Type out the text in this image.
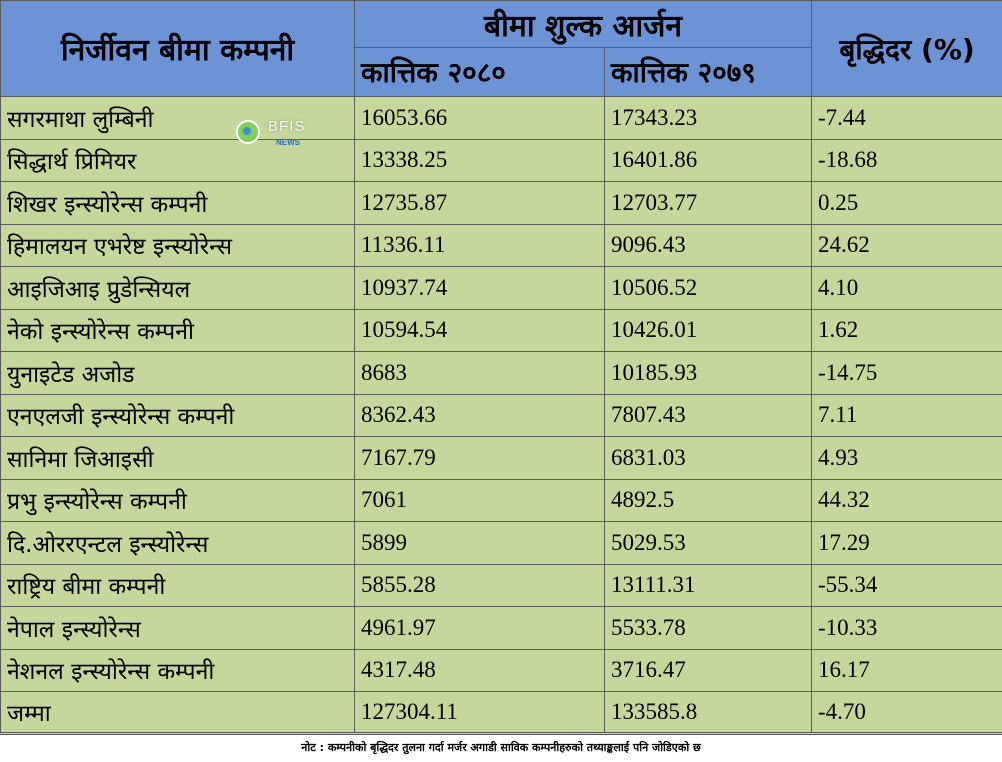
निर्जीवन बीमा कम्पनी	बीमा शुल्क आर्जन		बृद्धिदर (%)
	कात्तिक २०८०	कात्तिक २०७९	
सगरमाथा लुम्बिनी	16053.66	17343.23	-7.44
सिद्धार्थ प्रिमियर	13338.25	16401.86	-18.68
शिखर इन्स्योरेन्स कम्पनी	12735.87	12703.77	0.25
हिमालयन एभरेष्ट इन्स्योरेन्स	11336.11	9096.43	24.62
आइजिआइ प्रुडेन्सियल	10937.74	10506.52	4.10
नेको इन्स्योरेन्स कम्पनी	10594.54	10426.01	1.62
युनाइटेड अजोड	8683	10185.93	-14.75
एनएलजी इन्स्योरेन्स कम्पनी	8362.43	7807.43	7.11
सानिमा जिआइसी	7167.79	6831.03	4.93
प्रभु इन्स्योरेन्स कम्पनी	7061	4892.5	44.32
दि.ओररएन्टल इन्स्योरेन्स	5899	5029.53	17.29
राष्ट्रिय बीमा कम्पनी	5855.28	13111.31	-55.34
नेपाल इन्स्योरेन्स	4961.97	5533.78	-10.33
नेशनल इन्स्योरेन्स कम्पनी	4317.48	3716.47	16.17
जम्मा	127304.11	133585.8	-4.70
BFIS
NEWS
नोट : कम्पनीको बृद्धिदर तुलना गर्दा मर्जर अगाडी साविक कम्पनीहरुको तथ्याङ्कलाई पनि जोडिएको छ
